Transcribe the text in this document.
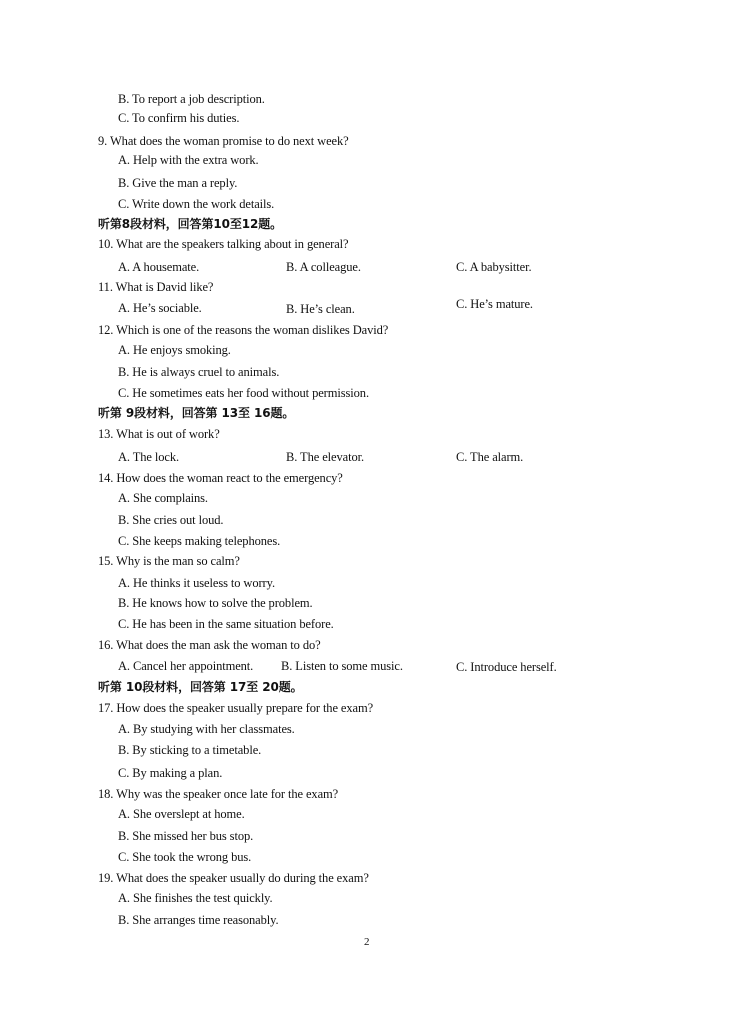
B. To report a job description.
C. To confirm his duties.
9. What does the woman promise to do next week?
A. Help with the extra work.
B. Give the man a reply.
C. Write down the work details.
听第8段材料，回答第10至12题。
10. What are the speakers talking about in general?
A. A housemate.	B. A colleague.	C. A babysitter.
11. What is David like?
A. He’s sociable.	B. He’s clean.	C. He’s mature.
12. Which is one of the reasons the woman dislikes David?
A. He enjoys smoking.
B. He is always cruel to animals.
C. He sometimes eats her food without permission.
听第 9段材料，回答第 13至 16题。
13. What is out of work?
A. The lock.	B. The elevator.	C. The alarm.
14. How does the woman react to the emergency?
A. She complains.
B. She cries out loud.
C. She keeps making telephones.
15. Why is the man so calm?
A. He thinks it useless to worry.
B. He knows how to solve the problem.
C. He has been in the same situation before.
16. What does the man ask the woman to do?
A. Cancel her appointment. B. Listen to some music.	C. Introduce herself.
听第 10段材料，回答第 17至 20题。
17. How does the speaker usually prepare for the exam?
A. By studying with her classmates.
B. By sticking to a timetable.
C. By making a plan.
18. Why was the speaker once late for the exam?
A. She overslept at home.
B. She missed her bus stop.
C. She took the wrong bus.
19. What does the speaker usually do during the exam?
A. She finishes the test quickly.
B. She arranges time reasonably.
2
